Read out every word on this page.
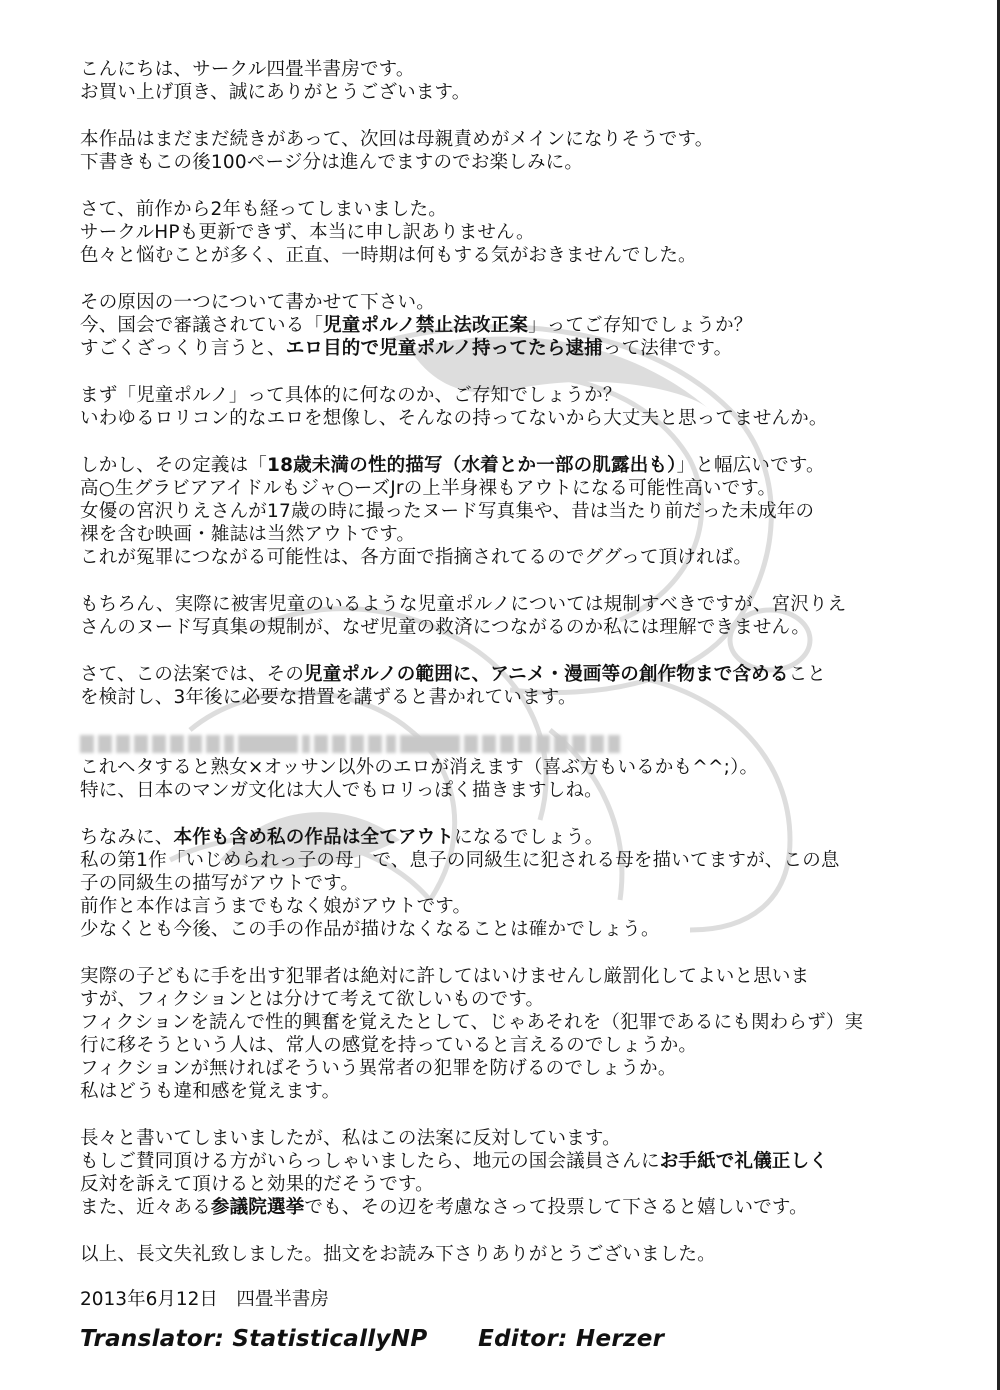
こんにちは、サークル四畳半書房です。
お買い上げ頂き、誠にありがとうございます。
本作品はまだまだ続きがあって、次回は母親責めがメインになりそうです。
下書きもこの後100ページ分は進んでますのでお楽しみに。
さて、前作から2年も経ってしまいました。
サークルHPも更新できず、本当に申し訳ありません。
色々と悩むことが多く、正直、一時期は何もする気がおきませんでした。
その原因の一つについて書かせて下さい。
今、国会で審議されている「児童ポルノ禁止法改正案」ってご存知でしょうか？
すごくざっくり言うと、エロ目的で児童ポルノ持ってたら逮捕って法律です。
まず「児童ポルノ」って具体的に何なのか、ご存知でしょうか？
いわゆるロリコン的なエロを想像し、そんなの持ってないから大丈夫と思ってませんか。
しかし、その定義は「18歳未満の性的描写（水着とか一部の肌露出も）」と幅広いです。
高○生グラビアアイドルもジャ○ーズJrの上半身裸もアウトになる可能性高いです。
女優の宮沢りえさんが17歳の時に撮ったヌード写真集や、昔は当たり前だった未成年の
裸を含む映画・雑誌は当然アウトです。
これが冤罪につながる可能性は、各方面で指摘されてるのでググって頂ければ。
もちろん、実際に被害児童のいるような児童ポルノについては規制すべきですが、宮沢りえ
さんのヌード写真集の規制が、なぜ児童の救済につながるのか私には理解できません。
さて、この法案では、その児童ポルノの範囲に、アニメ・漫画等の創作物まで含めること
を検討し、3年後に必要な措置を講ずると書かれています。
これヘタすると熟女×オッサン以外のエロが消えます（喜ぶ方もいるかも^^;）。
特に、日本のマンガ文化は大人でもロリっぽく描きますしね。
ちなみに、本作も含め私の作品は全てアウトになるでしょう。
私の第1作「いじめられっ子の母」で、息子の同級生に犯される母を描いてますが、この息
子の同級生の描写がアウトです。
前作と本作は言うまでもなく娘がアウトです。
少なくとも今後、この手の作品が描けなくなることは確かでしょう。
実際の子どもに手を出す犯罪者は絶対に許してはいけませんし厳罰化してよいと思いま
すが、フィクションとは分けて考えて欲しいものです。
フィクションを読んで性的興奮を覚えたとして、じゃあそれを（犯罪であるにも関わらず）実
行に移そうという人は、常人の感覚を持っていると言えるのでしょうか。
フィクションが無ければそういう異常者の犯罪を防げるのでしょうか。
私はどうも違和感を覚えます。
長々と書いてしまいましたが、私はこの法案に反対しています。
もしご賛同頂ける方がいらっしゃいましたら、地元の国会議員さんにお手紙で礼儀正しく
反対を訴えて頂けると効果的だそうです。
また、近々ある参議院選挙でも、その辺を考慮なさって投票して下さると嬉しいです。
以上、長文失礼致しました。拙文をお読み下さりありがとうございました。
2013年6月12日　四畳半書房
Translator: StatisticallyNP Editor: Herzer
